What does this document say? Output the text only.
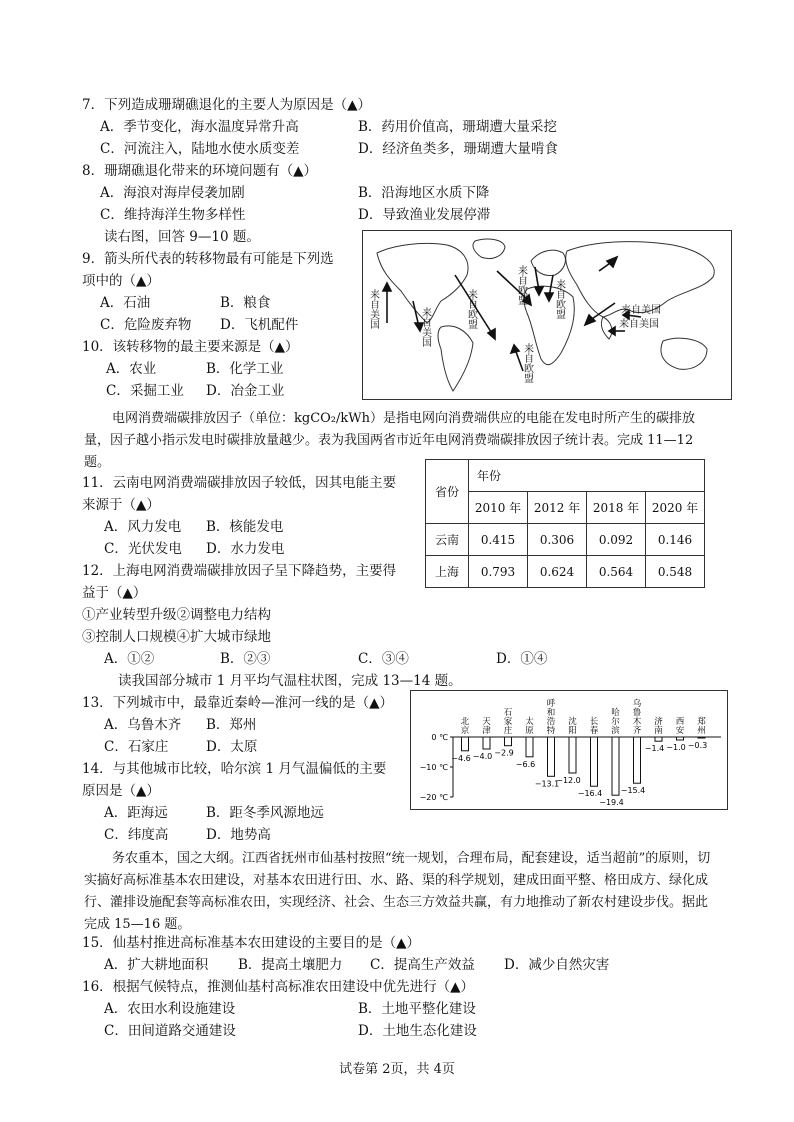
7．下列造成珊瑚礁退化的主要人为原因是（▲）
A．季节变化，海水温度异常升高	B．药用价值高，珊瑚遭大量采挖
C．河流注入，陆地水使水质变差	D．经济鱼类多，珊瑚遭大量啃食
8．珊瑚礁退化带来的环境问题有（▲）
A．海浪对海岸侵袭加剧	B．沿海地区水质下降
C．维持海洋生物多样性	D．导致渔业发展停滞
读右图，回答 9—10 题。
9．箭头所代表的转移物最有可能是下列选
项中的（▲）
A．石油	B．粮食
C．危险废弃物 D．飞机配件
10．该转移物的最主要来源是（▲）
A．农业	B．化学工业
C．采掘工业 D．冶金工业
来自美国	来自美国	来自欧盟
来自欧盟	来自欧盟	来自美国
来自美国
来自欧盟
电网消费端碳排放因子（单位：kgCO₂/kWh）是指电网向消费端供应的电能在发电时所产生的碳排放量，因子越小指示发电时碳排放量越少。表为我国两省市近年电网消费端碳排放因子统计表。完成 11—12 题。
11．云南电网消费端碳排放因子较低，因其电能主要
来源于（▲）
A．风力发电 B．核能发电
C．光伏发电 D．水力发电
省份	年份			
	2010 年	2012 年	2018 年	2020 年
云南	0.415	0.306	0.092	0.146
上海	0.793	0.624	0.564	0.548
12．上海电网消费端碳排放因子呈下降趋势，主要得
益于（▲）
①产业转型升级②调整电力结构
③控制人口规模④扩大城市绿地
A．①②	B．②③	C．③④	D．①④
读我国部分城市 1 月平均气温柱状图，完成 13—14 题。
13．下列城市中，最靠近秦岭—淮河一线的是（▲）
A．乌鲁木齐 B．郑州
C．石家庄	D．太原
14．与其他城市比较，哈尔滨 1 月气温偏低的主要
原因是（▲）
A．距海远	B．距冬季风源地远
C．纬度高	D．地势高
0 ℃
−10 ℃
−20 ℃
北京
−4.6
天津
−4.0
石家庄
−2.9
太原
−6.6
呼和浩特
−13.1
沈阳
−12.0
长春
−16.4
哈尔滨
−19.4
乌鲁木齐
−15.4
济南
−1.4
西安
−1.0
郑州
−0.3
务农重本，国之大纲。江西省抚州市仙基村按照“统一规划，合理布局，配套建设，适当超前”的原则，切实搞好高标准基本农田建设，对基本农田进行田、水、路、渠的科学规划，建成田面平整、格田成方、绿化成行、灌排设施配套等高标准农田，实现经济、社会、生态三方效益共赢，有力地推动了新农村建设步伐。据此完成 15—16 题。
15．仙基村推进高标准基本农田建设的主要目的是（▲）
A．扩大耕地面积 B．提高土壤肥力 C．提高生产效益 D．减少自然灾害
16．根据气候特点，推测仙基村高标准农田建设中优先进行（▲）
A．农田水利设施建设	B．土地平整化建设
C．田间道路交通建设	D．土地生态化建设
试卷第 2页，共 4页
